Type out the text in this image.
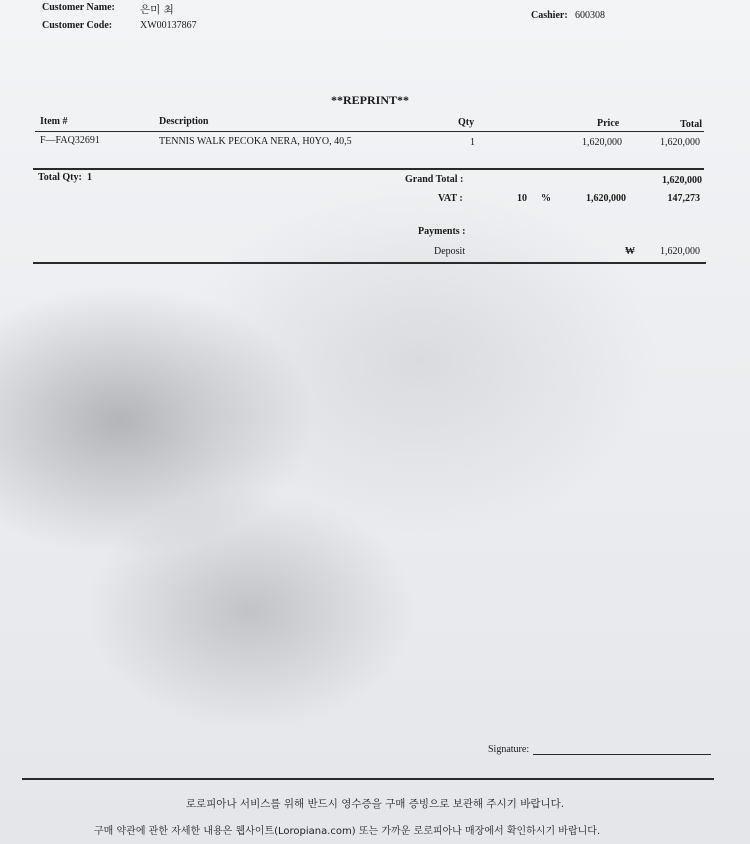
Customer Name: 은미 최
Customer Code:	XW00137867
Cashier: 600308
**REPRINT**
Item #	Description	Qty	Price	Total
F—FAQ32691	TENNIS WALK PECOKA NERA, H0YO, 40,5	1	1,620,000	1,620,000
Total Qty: 1	Grand Total :	1,620,000
VAT :	10 %	1,620,000	147,273
Payments :
Deposit	₩	1,620,000
Signature:
로로피아나 서비스를 위해 반드시 영수증을 구매 증빙으로 보관해 주시기 바랍니다.
구매 약관에 관한 자세한 내용은 웹사이트(Loropiana.com) 또는 가까운 로로피아나 매장에서 확인하시기 바랍니다.
